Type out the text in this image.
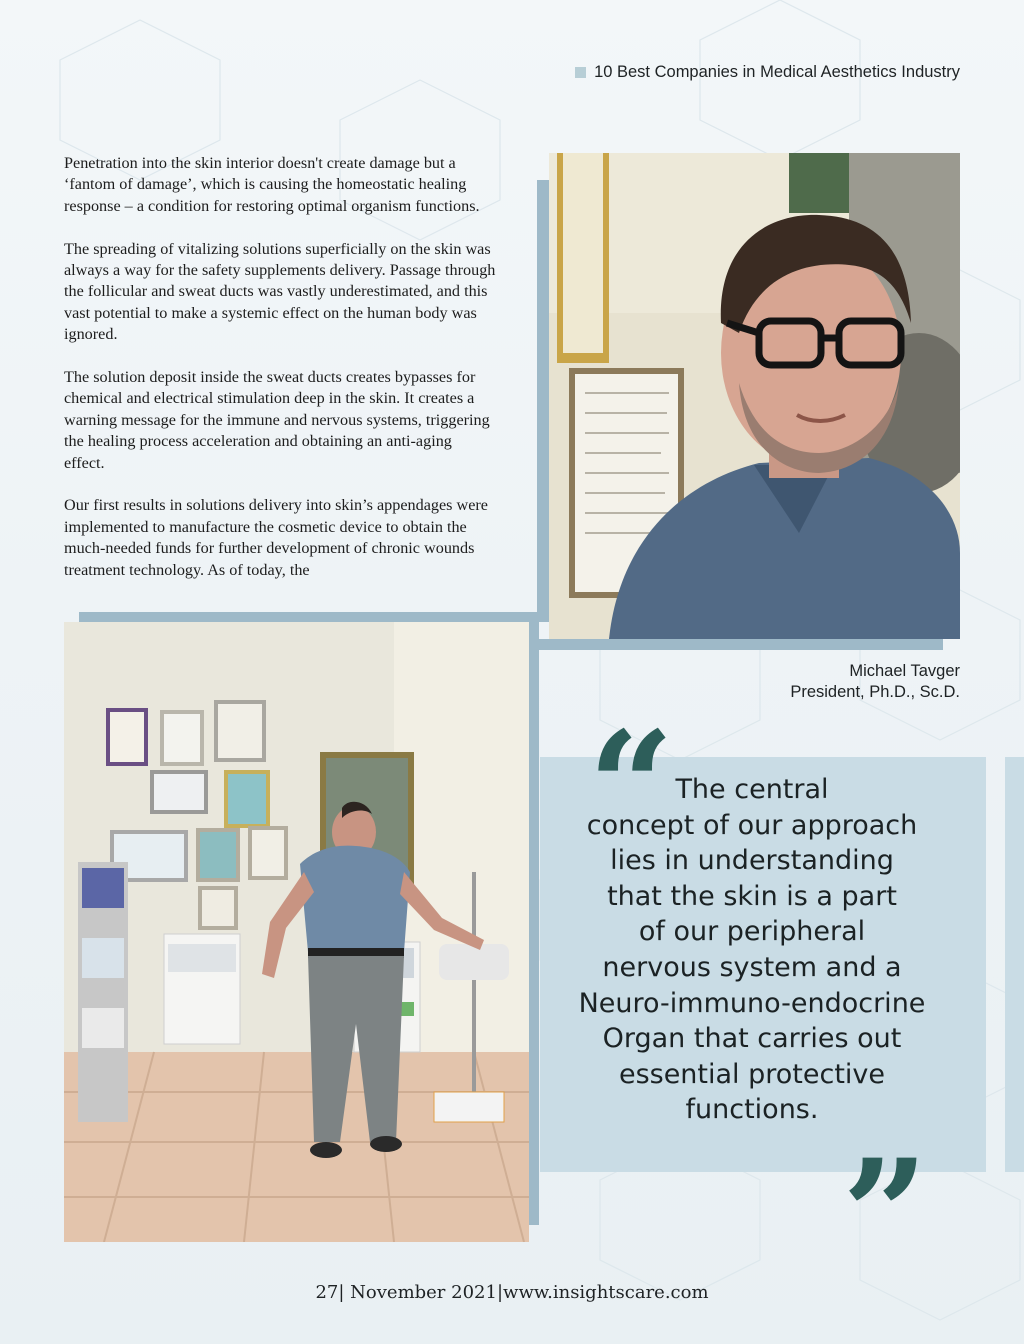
10 Best Companies in Medical Aesthetics Industry

Penetration into the skin interior doesn't create damage but a ‘fantom of damage’, which is causing the homeostatic healing response – a condition for restoring optimal organism functions.

The spreading of vitalizing solutions superficially on the skin was always a way for the safety supplements delivery. Passage through the follicular and sweat ducts was vastly underestimated, and this vast potential to make a systemic effect on the human body was ignored.

The solution deposit inside the sweat ducts creates bypasses for chemical and electrical stimulation deep in the skin. It creates a warning message for the immune and nervous systems, triggering the healing process acceleration and obtaining an anti-aging effect.

Our first results in solutions delivery into skin’s appendages were implemented to manufacture the cosmetic device to obtain the much-needed funds for further development of chronic wounds treatment technology. As of today, the

Michael Tavger
President, Ph.D., Sc.D.
“ The central
concept of our approach
lies in understanding
that the skin is a part
of our peripheral
nervous system and a
Neuro-immuno-endocrine
Organ that carries out
essential protective
functions.
”
27| November 2021|www.insightscare.com
